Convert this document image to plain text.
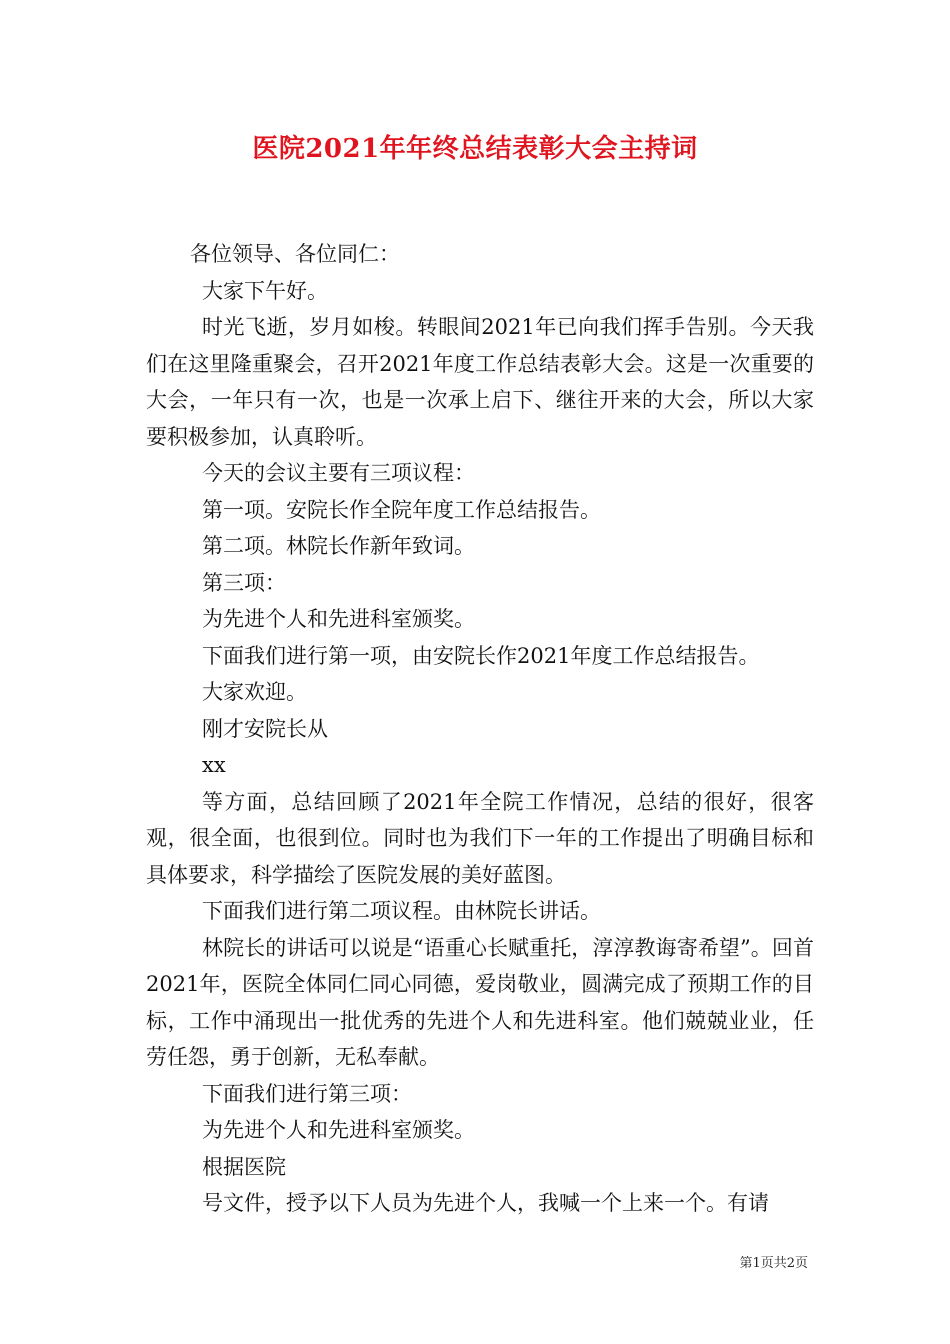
医院2021年年终总结表彰大会主持词

各位领导、各位同仁：

大家下午好。

时光飞逝，岁月如梭。转眼间2021年已向我们挥手告别。今天我们在这里隆重聚会，召开2021年度工作总结表彰大会。这是一次重要的大会，一年只有一次，也是一次承上启下、继往开来的大会，所以大家要积极参加，认真聆听。

今天的会议主要有三项议程：

第一项。安院长作全院年度工作总结报告。

第二项。林院长作新年致词。

第三项：

为先进个人和先进科室颁奖。

下面我们进行第一项，由安院长作2021年度工作总结报告。

大家欢迎。

刚才安院长从

xx

等方面，总结回顾了2021年全院工作情况，总结的很好，很客观，很全面，也很到位。同时也为我们下一年的工作提出了明确目标和具体要求，科学描绘了医院发展的美好蓝图。

下面我们进行第二项议程。由林院长讲话。

林院长的讲话可以说是“语重心长赋重托，淳淳教诲寄希望”。回首2021年，医院全体同仁同心同德，爱岗敬业，圆满完成了预期工作的目标，工作中涌现出一批优秀的先进个人和先进科室。他们兢兢业业，任劳任怨，勇于创新，无私奉献。

下面我们进行第三项：

为先进个人和先进科室颁奖。

根据医院

号文件，授予以下人员为先进个人，我喊一个上来一个。有请

第1页共2页
